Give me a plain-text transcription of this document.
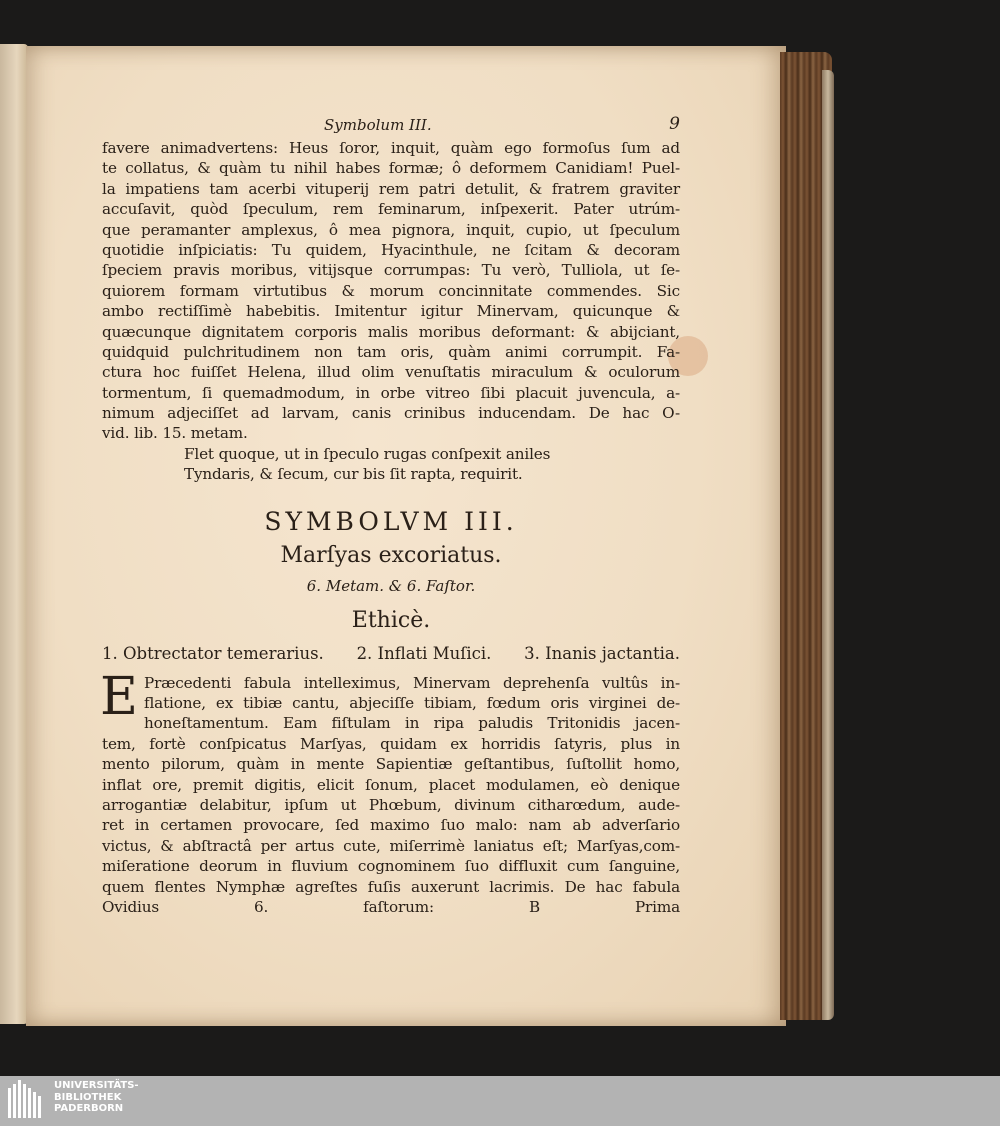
Symbolum III.	9
favere animadvertens: Heus ſoror, inquit, quàm ego formoſus ſum ad
te collatus, & quàm tu nihil habes formæ; ô deformem Canidiam! Puel-
la impatiens tam acerbi vituperij rem patri detulit, & fratrem graviter
accuſavit, quòd ſpeculum, rem feminarum, inſpexerit. Pater utrúm-
que peramanter amplexus, ô mea pignora, inquit, cupio, ut ſpeculum
quotidie inſpiciatis: Tu quidem, Hyacinthule, ne ſcitam & decoram
ſpeciem pravis moribus, vitijsque corrumpas: Tu verò, Tulliola, ut ſe-
quiorem formam virtutibus & morum concinnitate commendes. Sic
ambo rectiſſimè habebitis. Imitentur igitur Minervam, quicunque &
quæcunque dignitatem corporis malis moribus deformant: & abijciant,
quidquid pulchritudinem non tam oris, quàm animi corrumpit. Fa-
ctura hoc fuiſſet Helena, illud olim venuſtatis miraculum & oculorum
tormentum, ſi quemadmodum, in orbe vitreo ſibi placuit juvencula, a-
nimum adjeciſſet ad larvam, canis crinibus inducendam. De hac O-
vid. lib. 15. metam.
Flet quoque, ut in ſpeculo rugas conſpexit aniles
Tyndaris, & ſecum, cur bis ſit rapta, requirit.
SYMBOLVM III.
Marſyas excoriatus.
6. Metam. & 6. Faſtor.
Ethicè.
1. Obtrectator temerarius. 2. Inflati Muſici. 3. Inanis jactantia.
E Præcedenti fabula intelleximus, Minervam deprehenſa vultûs in-
flatione, ex tibiæ cantu, abjeciſſe tibiam, fœdum oris virginei de-
honeſtamentum. Eam fiſtulam in ripa paludis Tritonidis jacen-
tem, fortè conſpicatus Marſyas, quidam ex horridis ſatyris, plus in
mento pilorum, quàm in mente Sapientiæ geſtantibus, ſuſtollit homo,
inflat ore, premit digitis, elicit ſonum, placet modulamen, eò denique
arrogantiæ delabitur, ipſum ut Phœbum, divinum citharœdum, aude-
ret in certamen provocare, ſed maximo ſuo malo: nam ab adverſario
victus, & abſtractâ per artus cute, miſerrimè laniatus eſt; Marſyas,com-
miſeratione deorum in fluvium cognominem ſuo diffluxit cum ſanguine,
quem flentes Nymphæ agreſtes fuſis auxerunt lacrimis. De hac fabula
Ovidius 6. faſtorum:	B	Prima
UNIVERSITÄTS-
BIBLIOTHEK
PADERBORN
